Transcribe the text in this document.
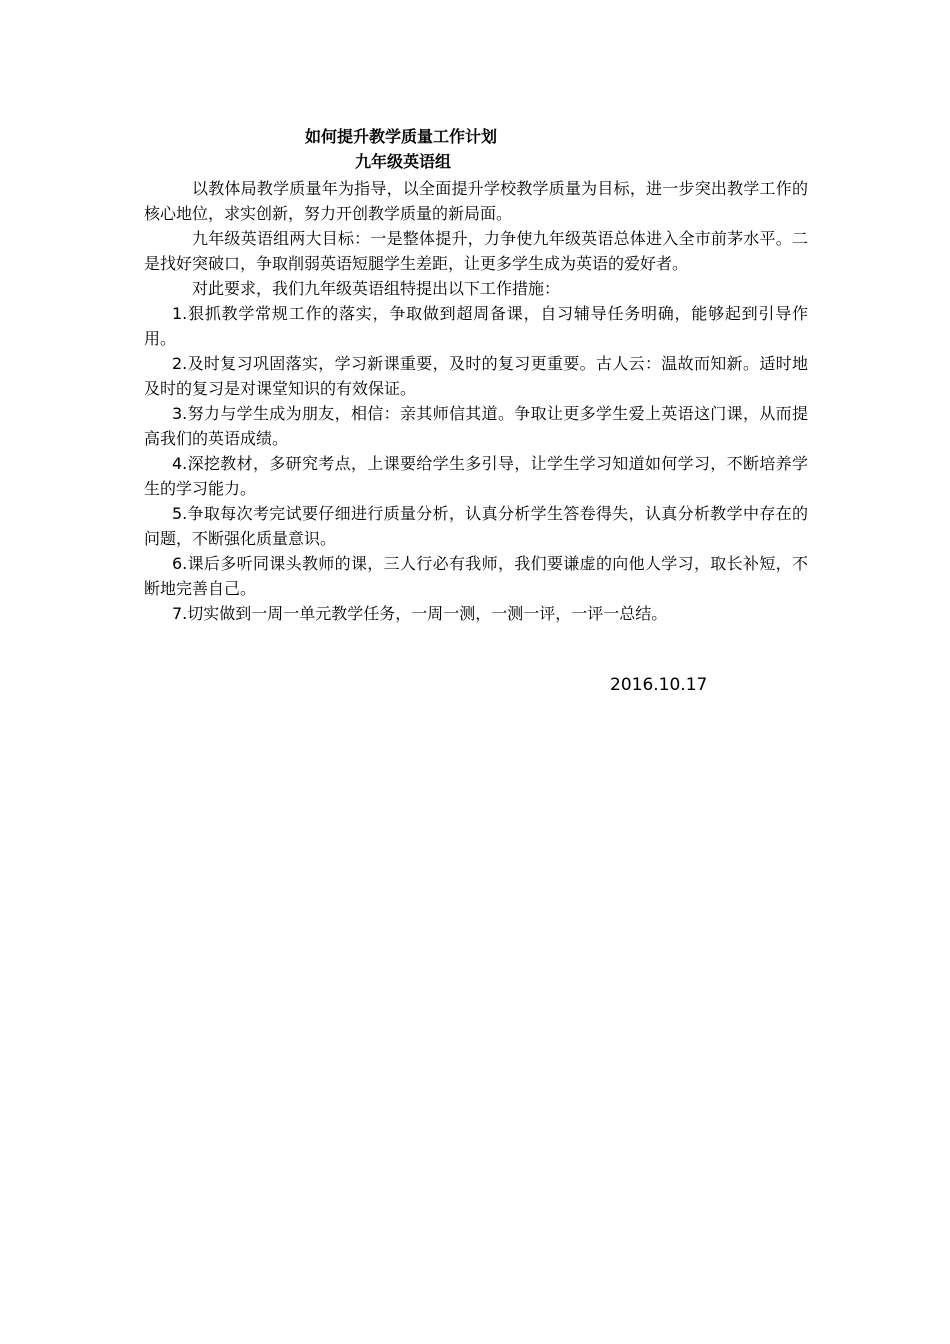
如何提升教学质量工作计划
九年级英语组

以教体局教学质量年为指导，以全面提升学校教学质量为目标，进一步突出教学工作的核心地位，求实创新，努力开创教学质量的新局面。

九年级英语组两大目标：一是整体提升，力争使九年级英语总体进入全市前茅水平。二是找好突破口，争取削弱英语短腿学生差距，让更多学生成为英语的爱好者。

对此要求，我们九年级英语组特提出以下工作措施：

1.狠抓教学常规工作的落实，争取做到超周备课，自习辅导任务明确，能够起到引导作用。

2.及时复习巩固落实，学习新课重要，及时的复习更重要。古人云：温故而知新。适时地及时的复习是对课堂知识的有效保证。

3.努力与学生成为朋友，相信：亲其师信其道。争取让更多学生爱上英语这门课，从而提高我们的英语成绩。

4.深挖教材，多研究考点，上课要给学生多引导，让学生学习知道如何学习，不断培养学生的学习能力。

5.争取每次考完试要仔细进行质量分析，认真分析学生答卷得失，认真分析教学中存在的问题，不断强化质量意识。

6.课后多听同课头教师的课，三人行必有我师，我们要谦虚的向他人学习，取长补短，不断地完善自己。

7.切实做到一周一单元教学任务，一周一测，一测一评，一评一总结。

2016.10.17
